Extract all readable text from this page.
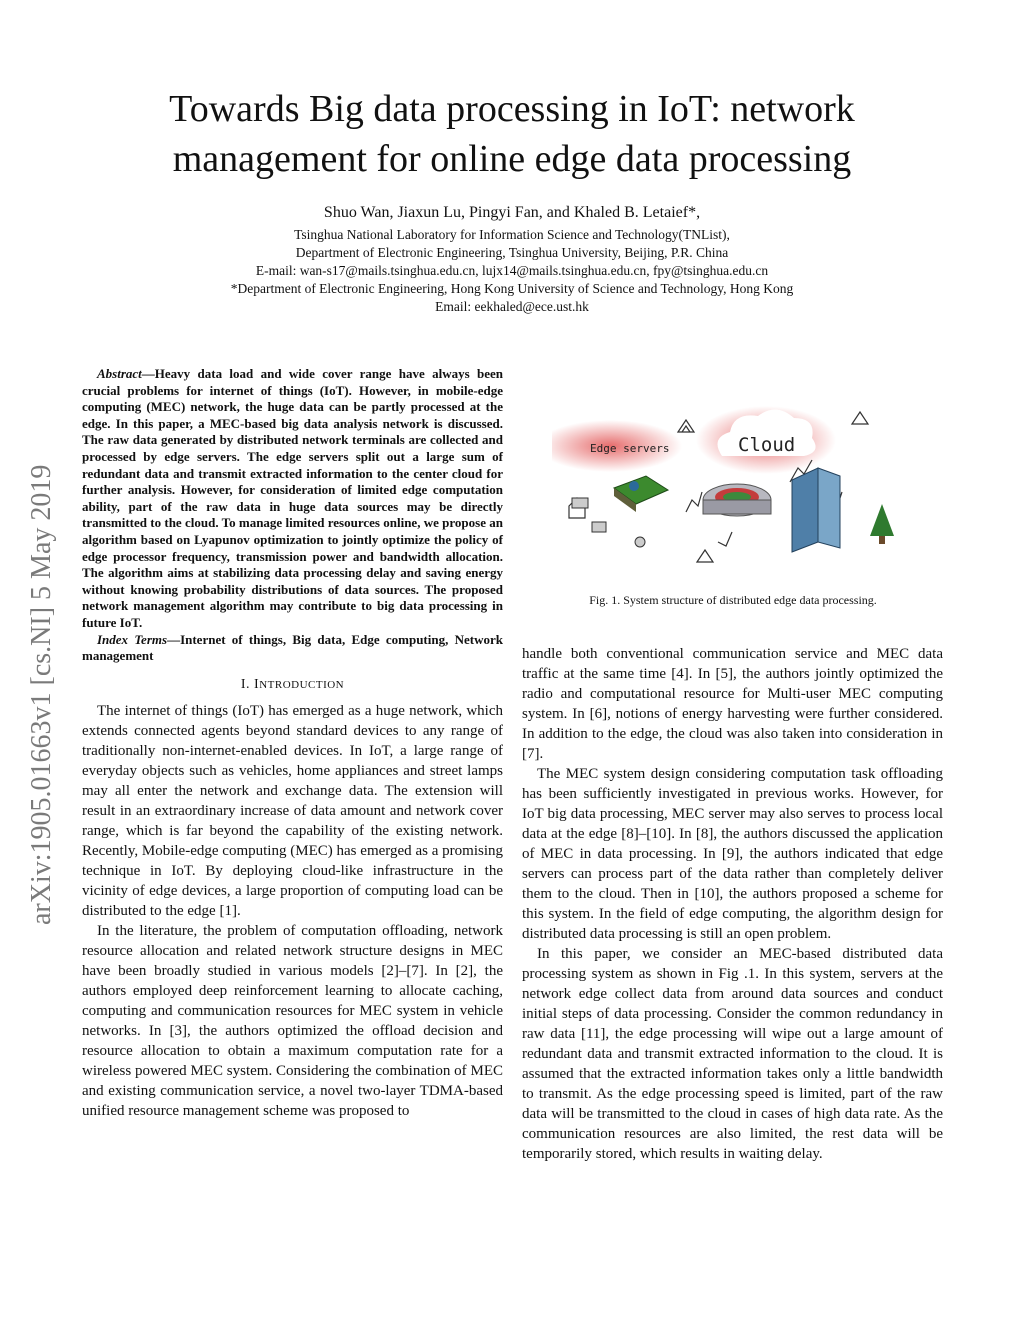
arXiv:1905.01663v1 [cs.NI] 5 May 2019
Towards Big data processing in IoT: network
management for online edge data processing
Shuo Wan, Jiaxun Lu, Pingyi Fan, and Khaled B. Letaief*,
Tsinghua National Laboratory for Information Science and Technology(TNList),
Department of Electronic Engineering, Tsinghua University, Beijing, P.R. China
E-mail: wan-s17@mails.tsinghua.edu.cn, lujx14@mails.tsinghua.edu.cn, fpy@tsinghua.edu.cn
*Department of Electronic Engineering, Hong Kong University of Science and Technology, Hong Kong
Email: eekhaled@ece.ust.hk
Abstract—Heavy data load and wide cover range have always been crucial problems for internet of things (IoT). However, in mobile-edge computing (MEC) network, the huge data can be partly processed at the edge. In this paper, a MEC-based big data analysis network is discussed. The raw data generated by distributed network terminals are collected and processed by edge servers. The edge servers split out a large sum of redundant data and transmit extracted information to the center cloud for further analysis. However, for consideration of limited edge computation ability, part of the raw data in huge data sources may be directly transmitted to the cloud. To manage limited resources online, we propose an algorithm based on Lyapunov optimization to jointly optimize the policy of edge processor frequency, transmission power and bandwidth allocation. The algorithm aims at stabilizing data processing delay and saving energy without knowing probability distributions of data sources. The proposed network management algorithm may contribute to big data processing in future IoT.
Index Terms—Internet of things, Big data, Edge computing, Network management
I. INTRODUCTION

The internet of things (IoT) has emerged as a huge network, which extends connected agents beyond standard devices to any range of traditionally non-internet-enabled devices. In IoT, a large range of everyday objects such as vehicles, home appliances and street lamps may all enter the network and exchange data. The extension will result in an extraordinary increase of data amount and network cover range, which is far beyond the capability of the existing network. Recently, Mobile-edge computing (MEC) has emerged as a promising technique in IoT. By deploying cloud-like infrastructure in the vicinity of edge devices, a large proportion of computing load can be distributed to the edge [1].

In the literature, the problem of computation offloading, network resource allocation and related network structure designs in MEC have been broadly studied in various models [2]–[7]. In [2], the authors employed deep reinforcement learning to allocate caching, computing and communication resources for MEC system in vehicle networks. In [3], the authors optimized the offload decision and resource allocation to obtain a maximum computation rate for a wireless powered MEC system. Considering the combination of MEC and existing communication service, a novel two-layer TDMA-based unified resource management scheme was proposed to

Cloud
Edge servers
Fig. 1. System structure of distributed edge data processing.

handle both conventional communication service and MEC data traffic at the same time [4]. In [5], the authors jointly optimized the radio and computational resource for Multi-user MEC computing system. In [6], notions of energy harvesting were further considered. In addition to the edge, the cloud was also taken into consideration in [7].

The MEC system design considering computation task offloading has been sufficiently investigated in previous works. However, for IoT big data processing, MEC server may also serves to process local data at the edge [8]–[10]. In [8], the authors discussed the application of MEC in data processing. In [9], the authors indicated that edge servers can process part of the data rather than completely deliver them to the cloud. Then in [10], the authors proposed a scheme for this system. In the field of edge computing, the algorithm design for distributed data processing is still an open problem.

In this paper, we consider an MEC-based distributed data processing system as shown in Fig .1. In this system, servers at the network edge collect data from around data sources and conduct initial steps of data processing. Consider the common redundancy in raw data [11], the edge processing will wipe out a large amount of redundant data and transmit extracted information to the cloud. It is assumed that the extracted information takes only a little bandwidth to transmit. As the edge processing speed is limited, part of the raw data will be transmitted to the cloud in cases of high data rate. As the communication resources are also limited, the rest data will be temporarily stored, which results in waiting delay.
